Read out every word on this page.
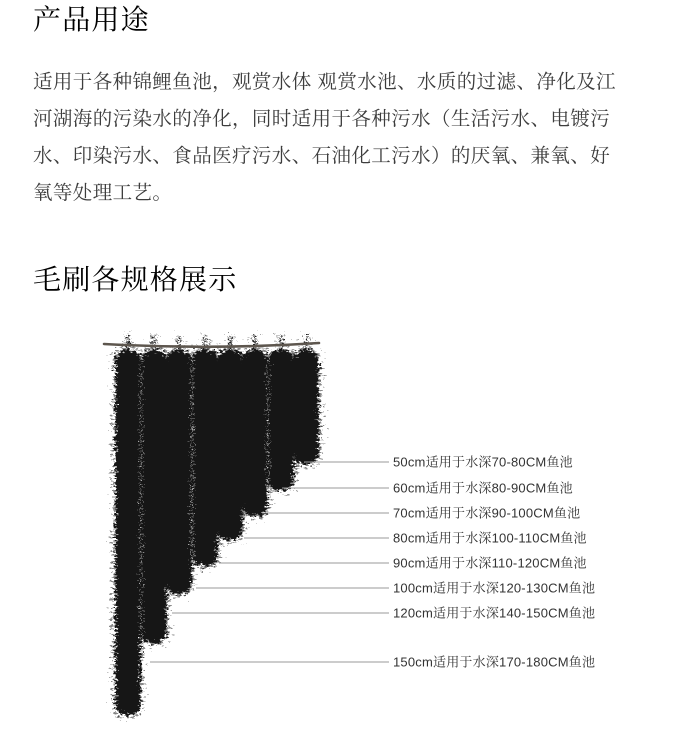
产品用途
适用于各种锦鲤鱼池，观赏水体 观赏水池、水质的过滤、净化及江
河湖海的污染水的净化，同时适用于各种污水（生活污水、电镀污
水、印染污水、食品医疗污水、石油化工污水）的厌氧、兼氧、好
氧等处理工艺。
毛刷各规格展示
50cm适用于水深70-80CM鱼池
60cm适用于水深80-90CM鱼池
70cm适用于水深90-100CM鱼池
80cm适用于水深100-110CM鱼池
90cm适用于水深110-120CM鱼池
100cm适用于水深120-130CM鱼池
120cm适用于水深140-150CM鱼池
150cm适用于水深170-180CM鱼池
